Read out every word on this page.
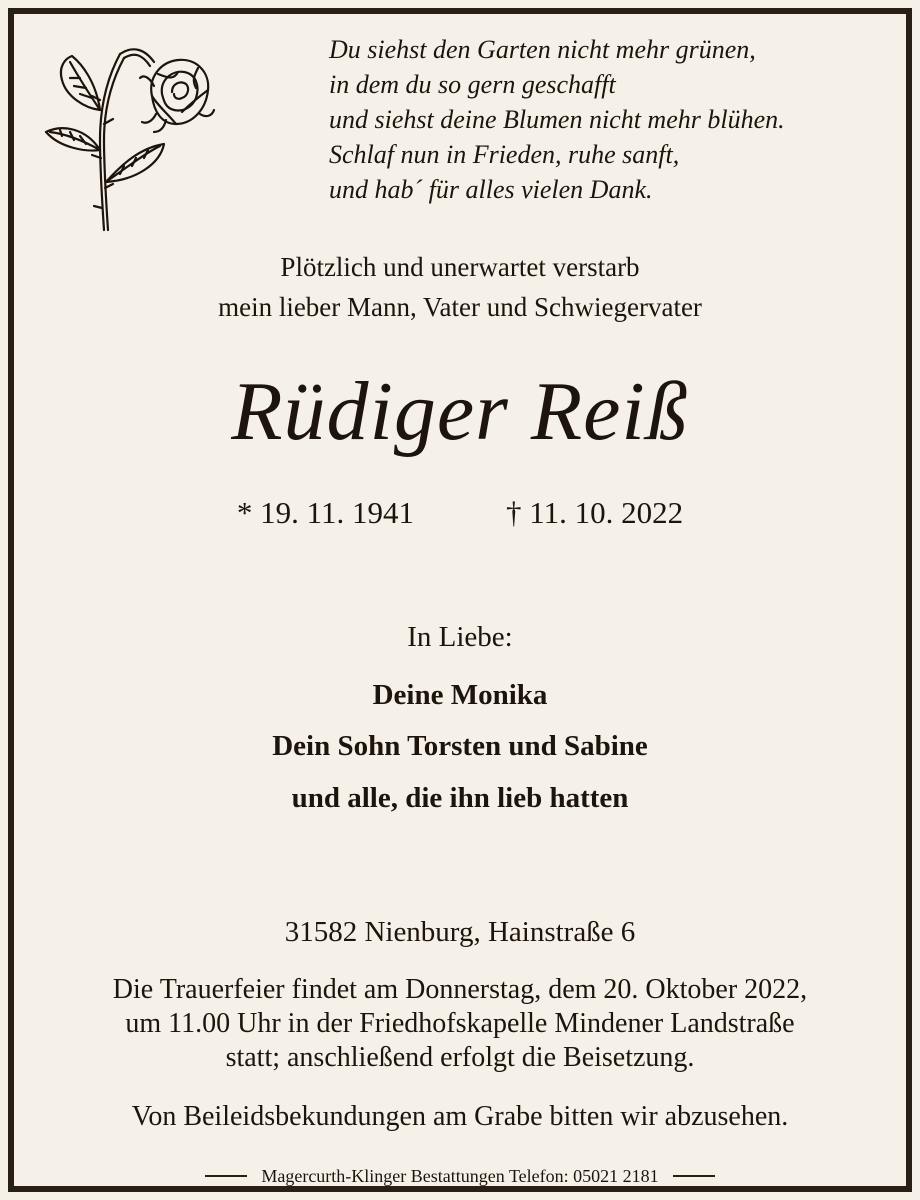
Du siehst den Garten nicht mehr grünen,
in dem du so gern geschafft
und siehst deine Blumen nicht mehr blühen.
Schlaf nun in Frieden, ruhe sanft,
und hab´ für alles vielen Dank.
Plötzlich und unerwartet verstarb
mein lieber Mann, Vater und Schwiegervater
Rüdiger Reiß
* 19. 11. 1941	† 11. 10. 2022
In Liebe:
Deine Monika
Dein Sohn Torsten und Sabine
und alle, die ihn lieb hatten
31582 Nienburg, Hainstraße 6
Die Trauerfeier findet am Donnerstag, dem 20. Oktober 2022,
um 11.00 Uhr in der Friedhofskapelle Mindener Landstraße
statt; anschließend erfolgt die Beisetzung.
Von Beileidsbekundungen am Grabe bitten wir abzusehen.
Magercurth-Klinger Bestattungen Telefon: 05021 2181
